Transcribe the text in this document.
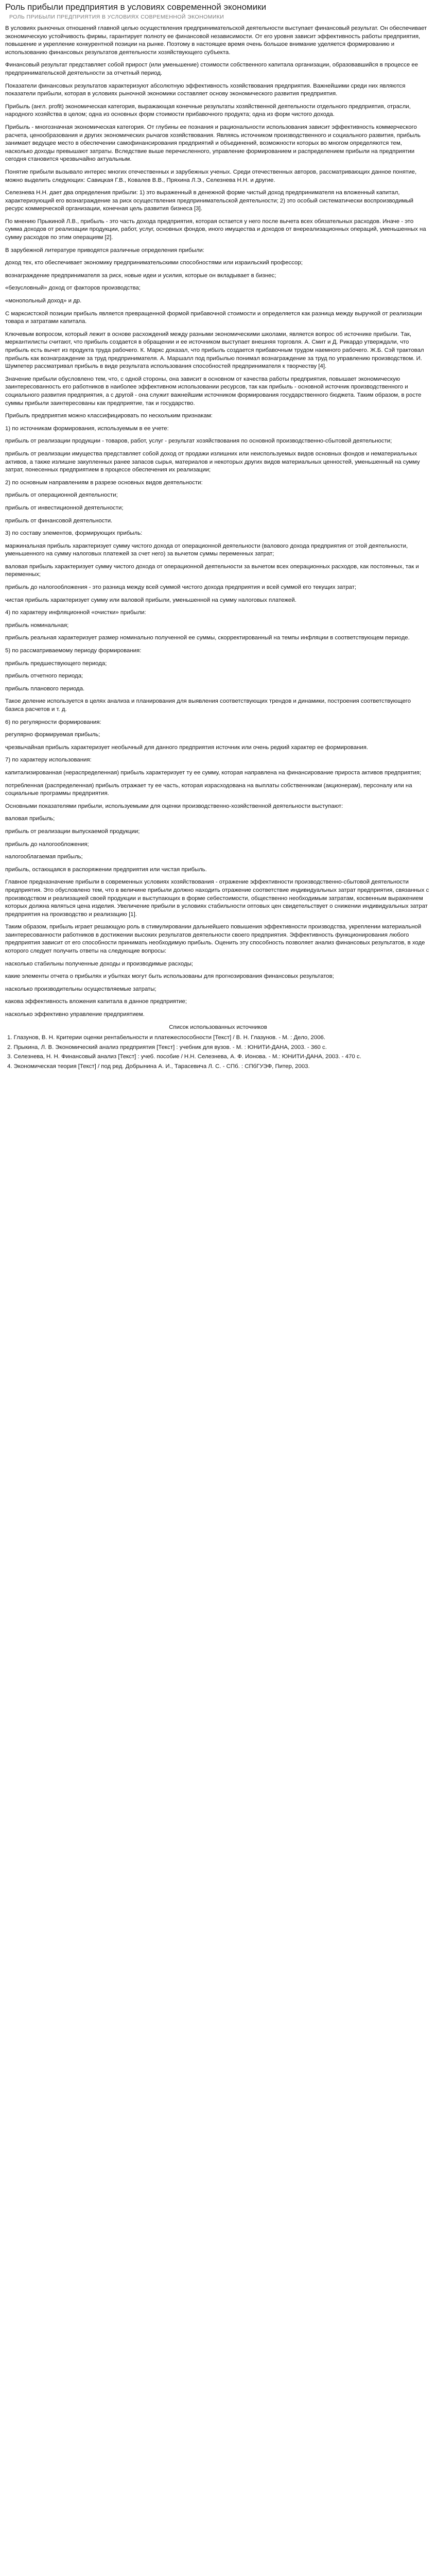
Роль прибыли предприятия в условиях современной экономики
РОЛЬ ПРИБЫЛИ ПРЕДПРИЯТИЯ В УСЛОВИЯХ СОВРЕМЕННОЙ ЭКОНОМИКИ

В условиях рыночных отношений главной целью осуществления предпринимательской деятельности выступает финансовый результат. Он обеспечивает экономическую устойчивость фирмы, гарантирует полноту ее финансовой независимости. От его уровня зависит эффективность работы предприятия, повышение и укрепление конкурентной позиции на рынке. Поэтому в настоящее время очень большое внимание уделяется формированию и использованию финансовых результатов деятельности хозяйствующего субъекта.

Финансовый результат представляет собой прирост (или уменьшение) стоимости собственного капитала организации, образовавшийся в процессе ее предпринимательской деятельности за отчетный период.

Показатели финансовых результатов характеризуют абсолютную эффективность хозяйствования предприятия. Важнейшими среди них являются показатели прибыли, которая в условиях рыночной экономики составляет основу экономического развития предприятия.

Прибыль (англ. profit) экономическая категория, выражающая конечные результаты хозяйственной деятельности отдельного предприятия, отрасли, народного хозяйства в целом; одна из основных форм стоимости прибавочного продукта; одна из форм чистого дохода.

Прибыль - многозначная экономическая категория. От глубины ее познания и рациональности использования зависит эффективность коммерческого расчета, ценообразования и других экономических рычагов хозяйствования. Являясь источником производственного и социального развития, прибыль занимает ведущее место в обеспечении самофинансирования предприятий и объединений, возможности которых во многом определяются тем, насколько доходы превышают затраты. Вследствие выше перечисленного, управление формированием и распределением прибыли на предприятии сегодня становится чрезвычайно актуальным.

Понятие прибыли вызывало интерес многих отечественных и зарубежных ученых. Среди отечественных авторов, рассматривающих данное понятие, можно выделить следующих: Савицкая Г.В., Ковалев В.В., Пряхина Л.Э., Селезнева Н.Н. и другие.

Селезнева Н.Н. дает два определения прибыли: 1) это выраженный в денежной форме чистый доход предпринимателя на вложенный капитал, характеризующий его вознаграждение за риск осуществления предпринимательской деятельности; 2) это особый систематически воспроизводимый ресурс коммерческой организации, конечная цель развития бизнеса [3].

По мнению Прыкиной Л.В., прибыль - это часть дохода предприятия, которая остается у него после вычета всех обязательных расходов. Иначе - это сумма доходов от реализации продукции, работ, услуг, основных фондов, иного имущества и доходов от внереализационных операций, уменьшенных на сумму расходов по этим операциям [2].

В зарубежной литературе приводятся различные определения прибыли:

доход тех, кто обеспечивает экономику предпринимательскими способностями или израильский профессор;

вознаграждение предпринимателя за риск, новые идеи и усилия, которые он вкладывает в бизнес;

«безусловный» доход от факторов производства;

«монопольный доход» и др.

С марксистской позиции прибыль является превращенной формой прибавочной стоимости и определяется как разница между выручкой от реализации товара и затратами капитала.

Ключевым вопросом, который лежит в основе расхождений между разными экономическими школами, является вопрос об источнике прибыли. Так, меркантилисты считают, что прибыль создается в обращении и ее источником выступает внешняя торговля. А. Смит и Д. Рикардо утверждали, что прибыль есть вычет из продукта труда рабочего. К. Маркс доказал, что прибыль создается прибавочным трудом наемного рабочего. Ж.Б. Сэй трактовал прибыль как вознаграждение за труд предпринимателя. А. Маршалл под прибылью понимал вознаграждение за труд по управлению производством. И. Шумпетер рассматривал прибыль в виде результата использования способностей предпринимателя к творчеству [4].

Значение прибыли обусловлено тем, что, с одной стороны, она зависит в основном от качества работы предприятия, повышает экономическую заинтересованность его работников в наиболее эффективном использовании ресурсов, так как прибыль - основной источник производственного и социального развития предприятия, а с другой - она служит важнейшим источником формирования государственного бюджета. Таким образом, в росте суммы прибыли заинтересованы как предприятие, так и государство.

Прибыль предприятия можно классифицировать по нескольким признакам:

1) по источникам формирования, используемым в ее учете:

прибыль от реализации продукции - товаров, работ, услуг - результат хозяйствования по основной производственно-сбытовой деятельности;

прибыль от реализации имущества представляет собой доход от продажи излишних или неиспользуемых видов основных фондов и нематериальных активов, а также излишне закупленных ранее запасов сырья, материалов и некоторых других видов материальных ценностей, уменьшенный на сумму затрат, понесенных предприятием в процессе обеспечения их реализации;

2) по основным направлениям в разрезе основных видов деятельности:

прибыль от операционной деятельности;

прибыль от инвестиционной деятельности;

прибыль от финансовой деятельности.

3) по составу элементов, формирующих прибыль:

маржинальная прибыль характеризует сумму чистого дохода от операционной деятельности (валового дохода предприятия от этой деятельности, уменьшенного на сумму налоговых платежей за счет него) за вычетом суммы переменных затрат;

валовая прибыль характеризует сумму чистого дохода от операционной деятельности за вычетом всех операционных расходов, как постоянных, так и переменных;

прибыль до налогообложения - это разница между всей суммой чистого дохода предприятия и всей суммой его текущих затрат;

чистая прибыль характеризует сумму или валовой прибыли, уменьшенной на сумму налоговых платежей.

4) по характеру инфляционной «очистки» прибыли:

прибыль номинальная;

прибыль реальная характеризует размер номинально полученной ее суммы, скорректированный на темпы инфляции в соответствующем периоде.

5) по рассматриваемому периоду формирования:

прибыль предшествующего периода;

прибыль отчетного периода;

прибыль планового периода.

Такое деление используется в целях анализа и планирования для выявления соответствующих трендов и динамики, построения соответствующего базиса расчетов и т. д.

6) по регулярности формирования:

регулярно формируемая прибыль;

чрезвычайная прибыль характеризует необычный для данного предприятия источник или очень редкий характер ее формирования.

7) по характеру использования:

капитализированная (нераспределенная) прибыль характеризует ту ее сумму, которая направлена на финансирование прироста активов предприятия;

потребленная (распределенная) прибыль отражает ту ее часть, которая израсходована на выплаты собственникам (акционерам), персоналу или на социальные программы предприятия.

Основными показателями прибыли, используемыми для оценки производственно-хозяйственной деятельности выступают:

валовая прибыль;

прибыль от реализации выпускаемой продукции;

прибыль до налогообложения;

налогооблагаемая прибыль;

прибыль, остающаяся в распоряжении предприятия или чистая прибыль.

Главное предназначение прибыли в современных условиях хозяйствования - отражение эффективности производственно-сбытовой деятельности предприятия. Это обусловлено тем, что в величине прибыли должно находить отражение соответствие индивидуальных затрат предприятия, связанных с производством и реализацией своей продукции и выступающих в форме себестоимости, общественно необходимым затратам, косвенным выражением которых должна являться цена изделия. Увеличение прибыли в условиях стабильности оптовых цен свидетельствует о снижении индивидуальных затрат предприятия на производство и реализацию [1].

Таким образом, прибыль играет решающую роль в стимулировании дальнейшего повышения эффективности производства, укреплении материальной заинтересованности работников в достижении высоких результатов деятельности своего предприятия. Эффективность функционирования любого предприятия зависит от его способности принимать необходимую прибыль. Оценить эту способность позволяет анализ финансовых результатов, в ходе которого следует получить ответы на следующие вопросы:

насколько стабильны полученные доходы и производимые расходы;

какие элементы отчета о прибылях и убытках могут быть использованы для прогнозирования финансовых результатов;

насколько производительны осуществляемые затраты;

какова эффективность вложения капитала в данное предприятие;

насколько эффективно управление предприятием.

Список использованных источников
1. Глазунов, В. Н. Критерии оценки рентабельности и платежеспособности [Текст] / В. Н. Глазунов. - М. : Дело, 2006.
2. Прыкина, Л. В. Экономический анализ предприятия [Текст] : учебник для вузов. - М. : ЮНИТИ-ДАНА, 2003. - 360 с.
3. Селезнева, Н. Н. Финансовый анализ [Текст] : учеб. пособие / Н.Н. Селезнева, А. Ф. Ионова. - М.: ЮНИТИ-ДАНА, 2003. - 470 с.
4. Экономическая теория [Текст] / под ред. Добрынина А. И., Тарасевича Л. С. - СПб. : СПбГУЭФ, Питер, 2003.
